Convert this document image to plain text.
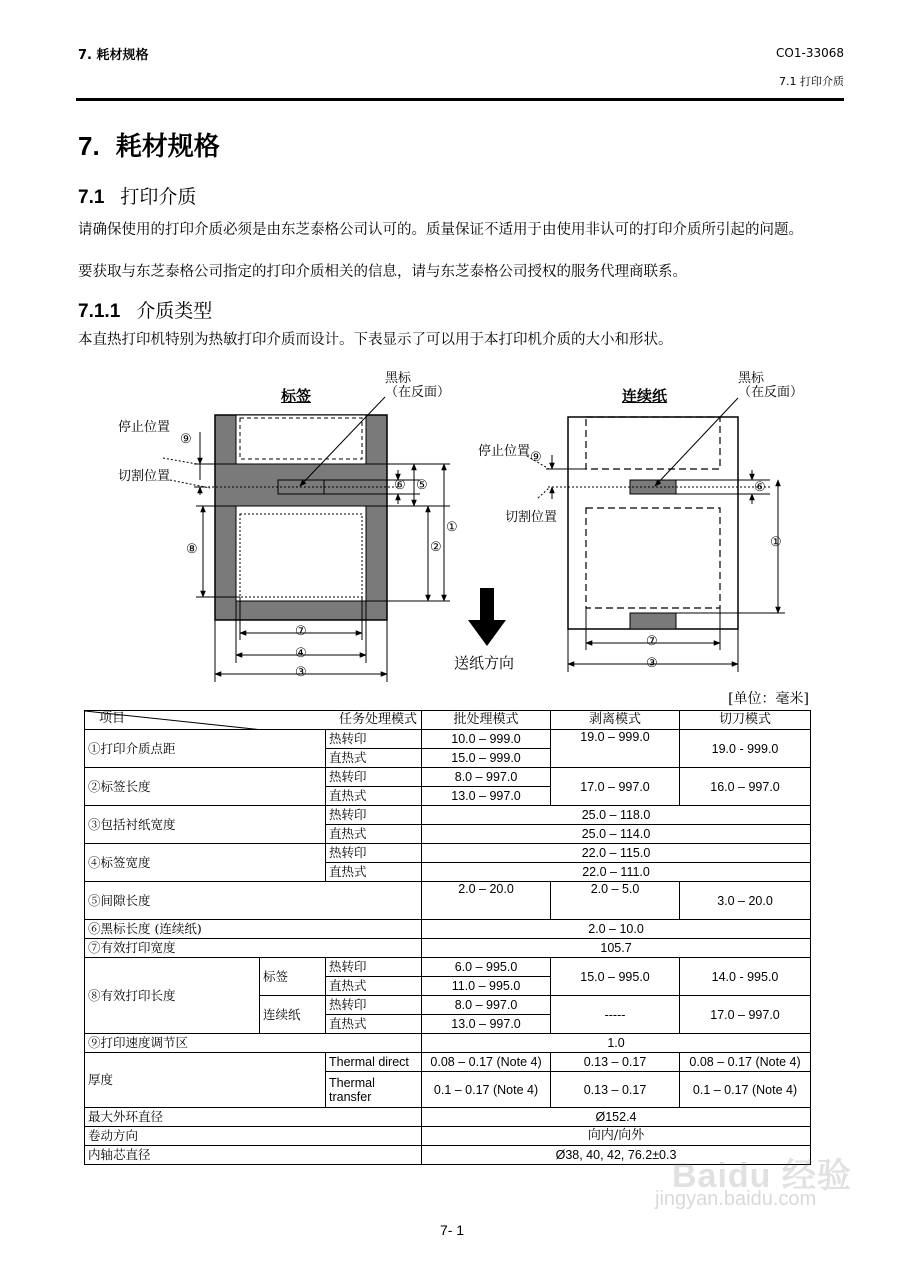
7. 耗材规格	CO1-33068
7.1 打印介质
7. 耗材规格
7.1 打印介质
请确保使用的打印介质必须是由东芝泰格公司认可的。质量保证不适用于由使用非认可的打印介质所引起的问题。
要获取与东芝泰格公司指定的打印介质相关的信息，请与东芝泰格公司授权的服务代理商联系。
7.1.1 介质类型
本直热打印机特别为热敏打印介质而设计。下表显示了可以用于本打印机介质的大小和形状。
标签	连续纸
黑标
（在反面）
黑标
（在反面）
停止位置
切割位置
停止位置
切割位置
送纸方向
⑨
⑧
⑥ ⑤
②
①
⑦
④
③
⑨
⑥
①
⑦
③
[单位：毫米]
任务处理模式
项目			批处理模式	剥离模式	切刀模式
①打印介质点距		热转印	10.0 – 999.0	19.0 – 999.0	19.0 - 999.0
		直热式	15.0 – 999.0		
②标签长度		热转印	8.0 – 997.0	17.0 – 997.0	16.0 – 997.0
		直热式	13.0 – 997.0		
③包括衬纸宽度		热转印	25.0 – 118.0		
		直热式	25.0 – 114.0		
④标签宽度		热转印	22.0 – 115.0		
		直热式	22.0 – 111.0		
⑤间隙长度			2.0 – 20.0	2.0 – 5.0	3.0 – 20.0
⑥黑标长度 (连续纸)			2.0 – 10.0		
⑦有效打印宽度			105.7		
⑧有效打印长度	标签	热转印	6.0 – 995.0	15.0 – 995.0	14.0 - 995.0
		直热式	11.0 – 995.0		
	连续纸	热转印	8.0 – 997.0	-----	17.0 – 997.0
		直热式	13.0 – 997.0		
⑨打印速度调节区			1.0		
厚度		Thermal direct	0.08 – 0.17 (Note 4)	0.13 – 0.17	0.08 – 0.17 (Note 4)
		Thermal
transfer	0.1 – 0.17 (Note 4)	0.13 – 0.17	0.1 – 0.17 (Note 4)
最大外环直径			Ø152.4		
卷动方向			向内/向外		
内轴芯直径			Ø38, 40, 42, 76.2±0.3		
7- 1
Baidu 经验
jingyan.baidu.com
